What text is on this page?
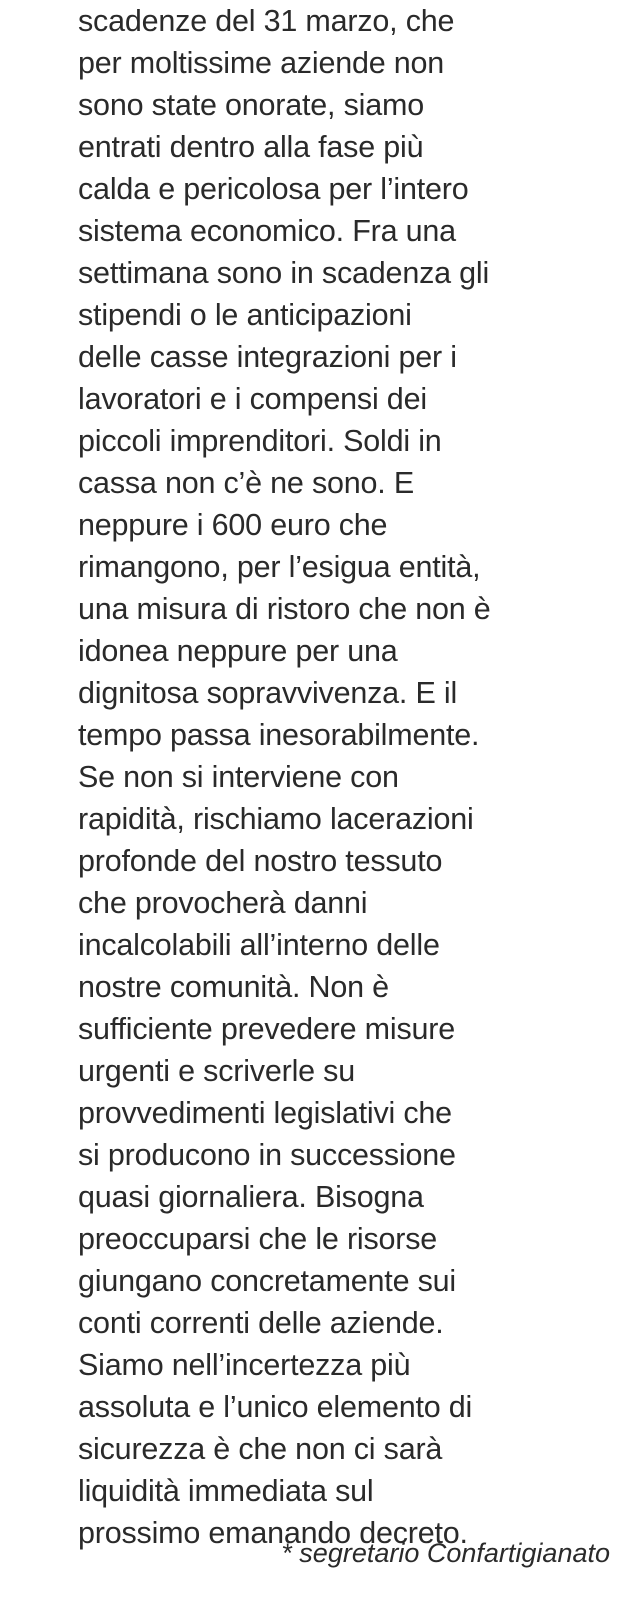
scadenze del 31 marzo, che
per moltissime aziende non
sono state onorate, siamo
entrati dentro alla fase più
calda e pericolosa per l’intero
sistema economico. Fra una
settimana sono in scadenza gli
stipendi o le anticipazioni
delle casse integrazioni per i
lavoratori e i compensi dei
piccoli imprenditori. Soldi in
cassa non c’è ne sono. E
neppure i 600 euro che
rimangono, per l’esigua entità,
una misura di ristoro che non è
idonea neppure per una
dignitosa sopravvivenza. E il
tempo passa inesorabilmente.
Se non si interviene con
rapidità, rischiamo lacerazioni
profonde del nostro tessuto
che provocherà danni
incalcolabili all’interno delle
nostre comunità. Non è
sufficiente prevedere misure
urgenti e scriverle su
provvedimenti legislativi che
si producono in successione
quasi giornaliera. Bisogna
preoccuparsi che le risorse
giungano concretamente sui
conti correnti delle aziende.
Siamo nell’incertezza più
assoluta e l’unico elemento di
sicurezza è che non ci sarà
liquidità immediata sul
prossimo emanando decreto.
* segretario Confartigianato
